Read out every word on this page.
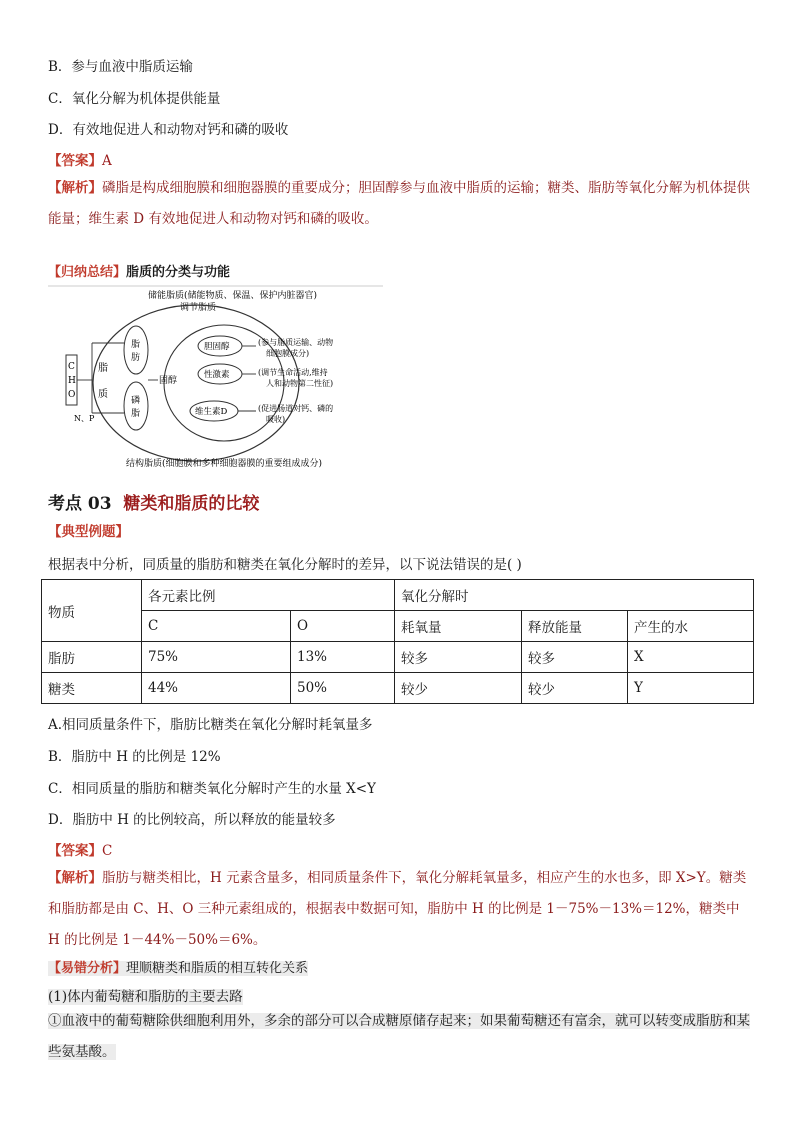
B．参与血液中脂质运输
C．氧化分解为机体提供能量
D．有效地促进人和动物对钙和磷的吸收
【答案】A
【解析】磷脂是构成细胞膜和细胞器膜的重要成分；胆固醇参与血液中脂质的运输；糖类、脂肪等氧化分解为机体提供能量；维生素 D 有效地促进人和动物对钙和磷的吸收。
【归纳总结】脂质的分类与功能
储能脂质(储能物质、保温、保护内脏器官)
调节脂质
C
H
O
N、P
脂
质
脂
肪
磷
脂
固醇
胆固醇
性激素
维生素D
(参与脂质运输、动物
细胞膜成分)
(调节生命活动,维持
人和动物第二性征)
(促进肠道对钙、磷的
吸收)
结构脂质(细胞膜和多种细胞器膜的重要组成成分)
考点 03 糖类和脂质的比较
【典型例题】
根据表中分析，同质量的脂肪和糖类在氧化分解时的差异，以下说法错误的是( )
物质	各元素比例		氧化分解时		
	C	O	耗氧量	释放能量	产生的水
脂肪	75%	13%	较多	较多	X
糖类	44%	50%	较少	较少	Y
A.相同质量条件下，脂肪比糖类在氧化分解时耗氧量多
B．脂肪中 H 的比例是 12%
C．相同质量的脂肪和糖类氧化分解时产生的水量 X<Y
D．脂肪中 H 的比例较高，所以释放的能量较多
【答案】C
【解析】脂肪与糖类相比，H 元素含量多，相同质量条件下，氧化分解耗氧量多，相应产生的水也多，即 X>Y。糖类和脂肪都是由 C、H、O 三种元素组成的，根据表中数据可知，脂肪中 H 的比例是 1－75%－13%＝12%，糖类中 H 的比例是 1－44%－50%＝6%。
【易错分析】理顺糖类和脂质的相互转化关系
(1)体内葡萄糖和脂肪的主要去路
①血液中的葡萄糖除供细胞利用外，多余的部分可以合成糖原储存起来；如果葡萄糖还有富余，就可以转变成脂肪和某些氨基酸。
